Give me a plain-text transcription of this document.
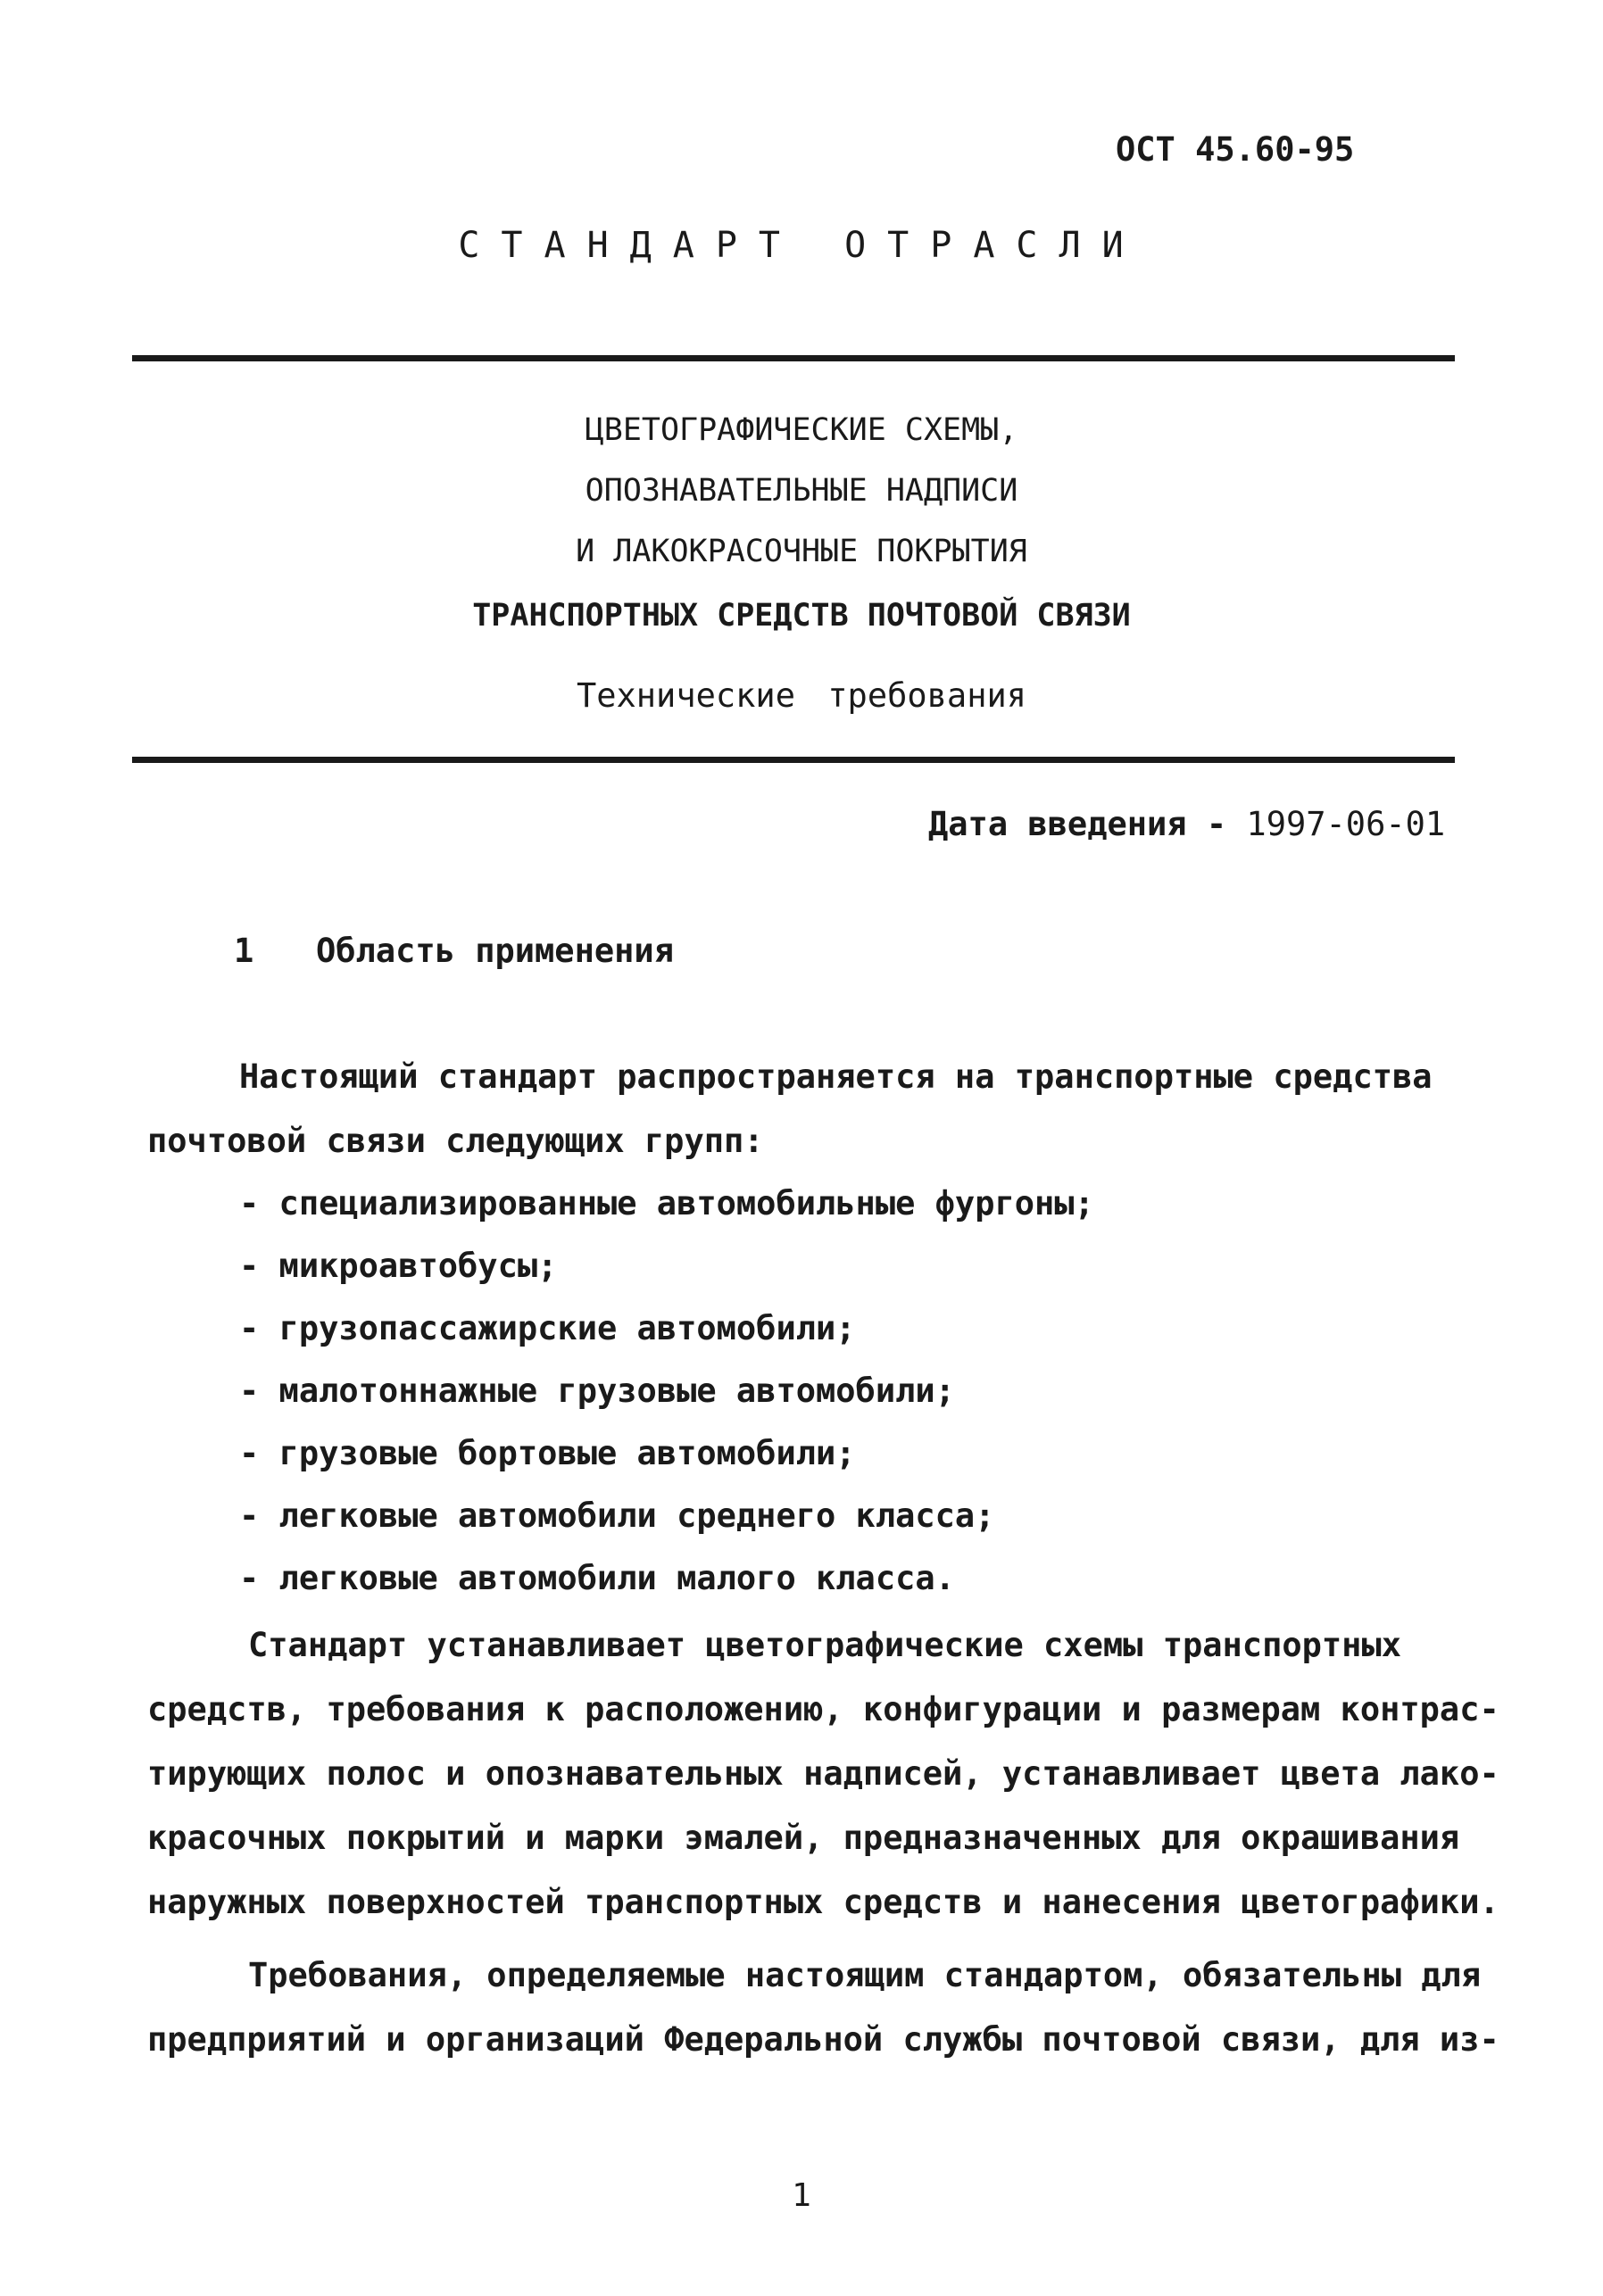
ОСТ 45.60-95
СТАНДАРТ ОТРАСЛИ
ЦВЕТОГРАФИЧЕСКИЕ СХЕМЫ,
ОПОЗНАВАТЕЛЬНЫЕ НАДПИСИ
И ЛАКОКРАСОЧНЫЕ ПОКРЫТИЯ
ТРАНСПОРТНЫХ СРЕДСТВ ПОЧТОВОЙ СВЯЗИ
Технические требования
Дата введения - 1997-06-01
1 Область применения
Настоящий стандарт распространяется на транспортные средства
почтовой связи следующих групп:
- специализированные автомобильные фургоны;
- микроавтобусы;
- грузопассажирские автомобили;
- малотоннажные грузовые автомобили;
- грузовые бортовые автомобили;
- легковые автомобили среднего класса;
- легковые автомобили малого класса.
Стандарт устанавливает цветографические схемы транспортных
средств, требования к расположению, конфигурации и размерам контрас-
тирующих полос и опознавательных надписей, устанавливает цвета лако-
красочных покрытий и марки эмалей, предназначенных для окрашивания
наружных поверхностей транспортных средств и нанесения цветографики.
Требования, определяемые настоящим стандартом, обязательны для
предприятий и организаций Федеральной службы почтовой связи, для из-
1
